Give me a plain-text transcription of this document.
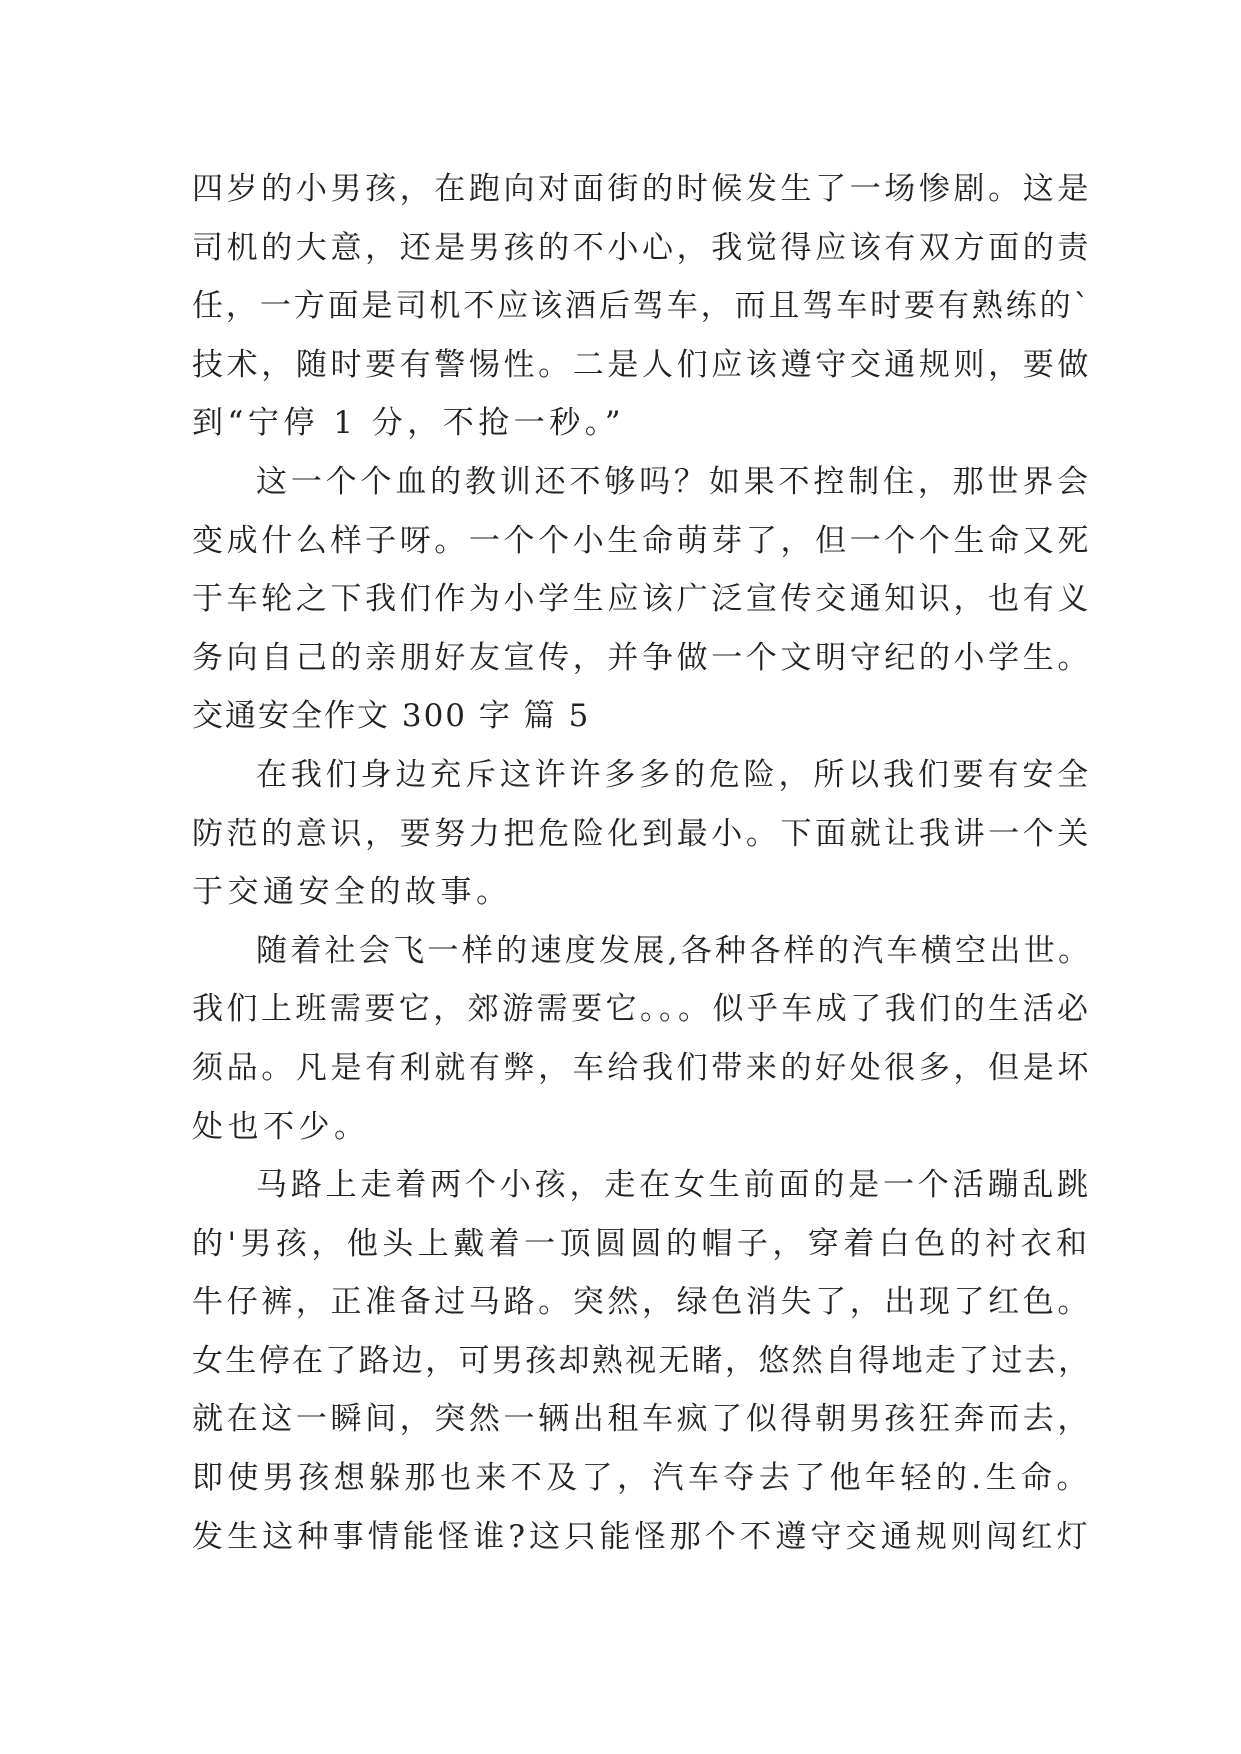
四岁的小男孩，在跑向对面街的时候发生了一场惨剧。这是
司机的大意，还是男孩的不小心，我觉得应该有双方面的责
任，一方面是司机不应该酒后驾车，而且驾车时要有熟练的`
技术，随时要有警惕性。二是人们应该遵守交通规则，要做
到“宁停 1 分，不抢一秒。”
这一个个血的教训还不够吗？如果不控制住，那世界会
变成什么样子呀。一个个小生命萌芽了，但一个个生命又死
于车轮之下我们作为小学生应该广泛宣传交通知识，也有义
务向自己的亲朋好友宣传，并争做一个文明守纪的小学生。
交通安全作文 300 字 篇 5
在我们身边充斥这许许多多的危险，所以我们要有安全
防范的意识，要努力把危险化到最小。下面就让我讲一个关
于交通安全的故事。
随着社会飞一样的速度发展,各种各样的汽车横空出世。
我们上班需要它，郊游需要它。。。似乎车成了我们的生活必
须品。凡是有利就有弊，车给我们带来的好处很多，但是坏
处也不少。
马路上走着两个小孩，走在女生前面的是一个活蹦乱跳
的'男孩，他头上戴着一顶圆圆的帽子，穿着白色的衬衣和
牛仔裤，正准备过马路。突然，绿色消失了，出现了红色。
女生停在了路边，可男孩却熟视无睹，悠然自得地走了过去，
就在这一瞬间，突然一辆出租车疯了似得朝男孩狂奔而去，
即使男孩想躲那也来不及了，汽车夺去了他年轻的.生命。
发生这种事情能怪谁?这只能怪那个不遵守交通规则闯红灯
